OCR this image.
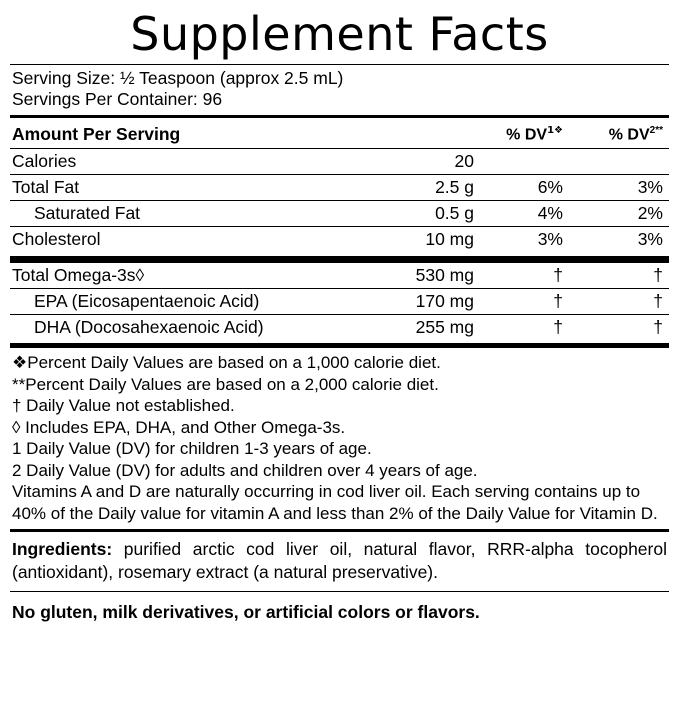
Supplement Facts
Serving Size: ½ Teaspoon (approx 2.5 mL)
Servings Per Container: 96
Amount Per Serving		% $DV^{1❖}$	% $DV^{2**}$
Calories	20		
Total Fat	2.5 g	6%	3%
Saturated Fat	0.5 g	4%	2%
Cholesterol	10 mg	3%	3%
Total Omega-3s◊	530 mg	†	†
EPA (Eicosapentaenoic Acid)	170 mg	†	†
DHA (Docosahexaenoic Acid)	255 mg	†	†
❖Percent Daily Values are based on a 1,000 calorie diet.
**Percent Daily Values are based on a 2,000 calorie diet.
† Daily Value not established.
◊ Includes EPA, DHA, and Other Omega-3s.
1 Daily Value (DV) for children 1-3 years of age.
2 Daily Value (DV) for adults and children over 4 years of age.
Vitamins A and D are naturally occurring in cod liver oil. Each serving contains up to 40% of the Daily value for vitamin A and less than 2% of the Daily Value for Vitamin D.
Ingredients: purified arctic cod liver oil, natural flavor, RRR-alpha tocopherol (antioxidant), rosemary extract (a natural preservative).
No gluten, milk derivatives, or artificial colors or flavors.
